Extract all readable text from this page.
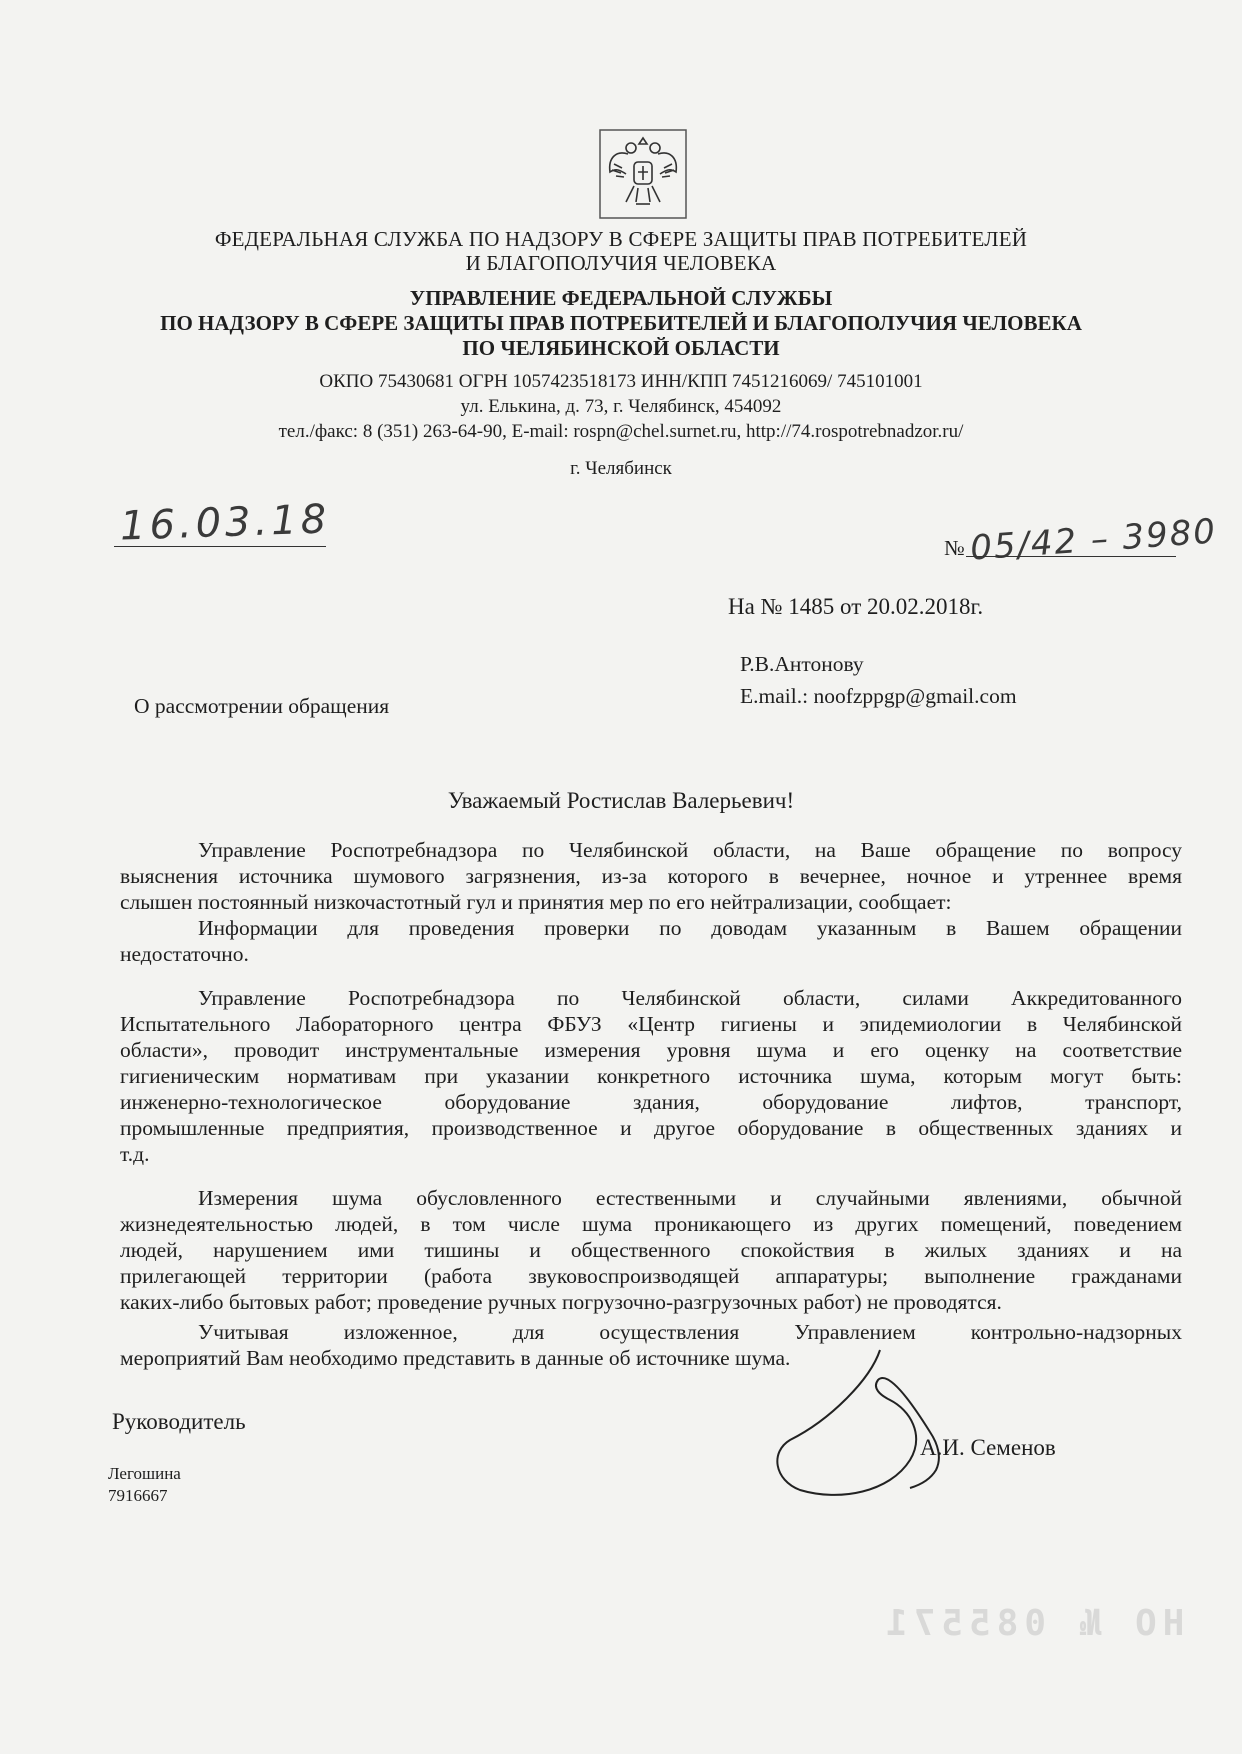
ФЕДЕРАЛЬНАЯ СЛУЖБА ПО НАДЗОРУ В СФЕРЕ ЗАЩИТЫ ПРАВ ПОТРЕБИТЕЛЕЙ
И БЛАГОПОЛУЧИЯ ЧЕЛОВЕКА
УПРАВЛЕНИЕ ФЕДЕРАЛЬНОЙ СЛУЖБЫ
ПО НАДЗОРУ В СФЕРЕ ЗАЩИТЫ ПРАВ ПОТРЕБИТЕЛЕЙ И БЛАГОПОЛУЧИЯ ЧЕЛОВЕКА
ПО ЧЕЛЯБИНСКОЙ ОБЛАСТИ
ОКПО 75430681 ОГРН 1057423518173 ИНН/КПП 7451216069/ 745101001
ул. Елькина, д. 73, г. Челябинск, 454092
тел./факс: 8 (351) 263-64-90, E-mail: rospn@chel.surnet.ru, http://74.rospotrebnadzor.ru/
г. Челябинск
16.03.18	№ 05/42 – 3980
На № 1485 от 20.02.2018г.
Р.В.Антонову
E.mail.: noofzppgp@gmail.com
О рассмотрении обращения
Уважаемый Ростислав Валерьевич!
Управление Роспотребнадзора по Челябинской области, на Ваше обращение по вопросу
выяснения источника шумового загрязнения, из-за которого в вечернее, ночное и утреннее время
слышен постоянный низкочастотный гул и принятия мер по его нейтрализации, сообщает:
Информации для проведения проверки по доводам указанным в Вашем обращении
недостаточно.
Управление Роспотребнадзора по Челябинской области, силами Аккредитованного
Испытательного Лабораторного центра ФБУЗ «Центр гигиены и эпидемиологии в Челябинской
области», проводит инструментальные измерения уровня шума и его оценку на соответствие
гигиеническим нормативам при указании конкретного источника шума, которым могут быть:
инженерно-технологическое оборудование здания, оборудование лифтов, транспорт,
промышленные предприятия, производственное и другое оборудование в общественных зданиях и
т.д.
Измерения шума обусловленного естественными и случайными явлениями, обычной
жизнедеятельностью людей, в том числе шума проникающего из других помещений, поведением
людей, нарушением ими тишины и общественного спокойствия в жилых зданиях и на
прилегающей территории (работа звуковоспроизводящей аппаратуры; выполнение гражданами
каких-либо бытовых работ; проведение ручных погрузочно-разгрузочных работ) не проводятся.
Учитывая изложенное, для осуществления Управлением контрольно-надзорных
мероприятий Вам необходимо представить в данные об источнике шума.
Руководитель
А.И. Семенов
Легошина
7916667
НО № 085571
